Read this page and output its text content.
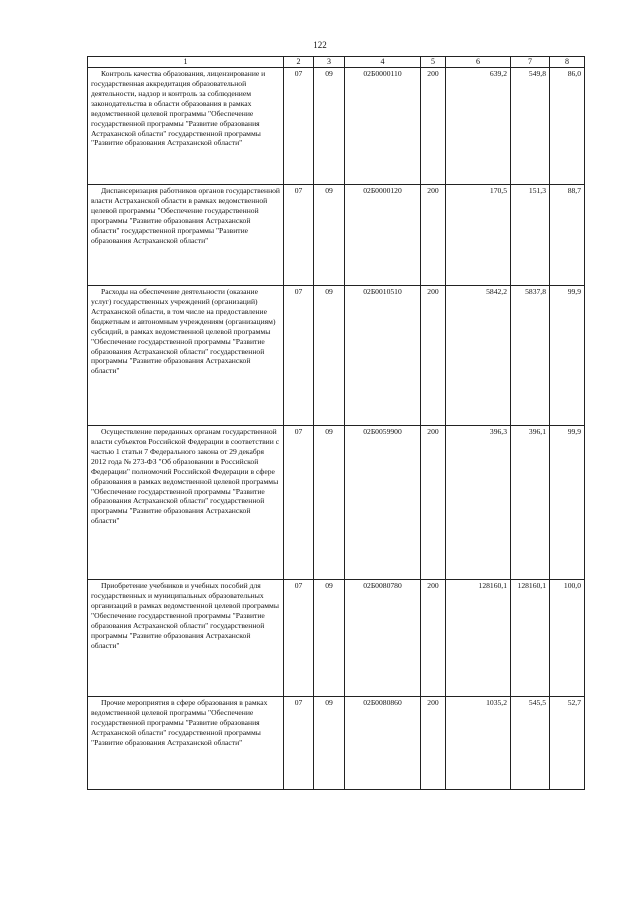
122
1	2	3	4	5	6	7	8
Контроль качества образования, лицензирование и государственная аккредитация образовательной деятельности, надзор и контроль за соблюдением законодательства в области образования в рамках ведомственной целевой программы "Обеспечение государственной программы "Развитие образования Астраханской области" государственной программы "Развитие образования Астраханской области"	07	09	02Б0000110	200	639,2	549,8	86,0
Диспансеризация работников органов государственной власти Астраханской области в рамках ведомственной целевой программы "Обеспечение государственной программы "Развитие образования Астраханской области" государственной программы "Развитие образования Астраханской области"	07	09	02Б0000120	200	170,5	151,3	88,7
Расходы на обеспечение деятельности (оказание услуг) государственных учреждений (организаций) Астраханской области, в том числе на предоставление бюджетным и автономным учреждениям (организациям) субсидий, в рамках ведомственной целевой программы "Обеспечение государственной программы "Развитие образования Астраханской области" государственной программы "Развитие образования Астраханской области"	07	09	02Б0010510	200	5842,2	5837,8	99,9
Осуществление переданных органам государственной власти субъектов Российской Федерации в соответствии с частью 1 статьи 7 Федерального закона от 29 декабря 2012 года № 273-ФЗ "Об образовании в Российской Федерации" полномочий Российской Федерации в сфере образования в рамках ведомственной целевой программы "Обеспечение государственной программы "Развитие образования Астраханской области" государственной программы "Развитие образования Астраханской области"	07	09	02Б0059900	200	396,3	396,1	99,9
Приобретение учебников и учебных пособий для государственных и муниципальных образовательных организаций в рамках ведомственной целевой программы "Обеспечение государственной программы "Развитие образования Астраханской области" государственной программы "Развитие образования Астраханской области"	07	09	02Б0080780	200	128160,1	128160,1	100,0
Прочие мероприятия в сфере образования в рамках ведомственной целевой программы "Обеспечение государственной программы "Развитие образования Астраханской области" государственной программы "Развитие образования Астраханской области"	07	09	02Б0080860	200	1035,2	545,5	52,7
